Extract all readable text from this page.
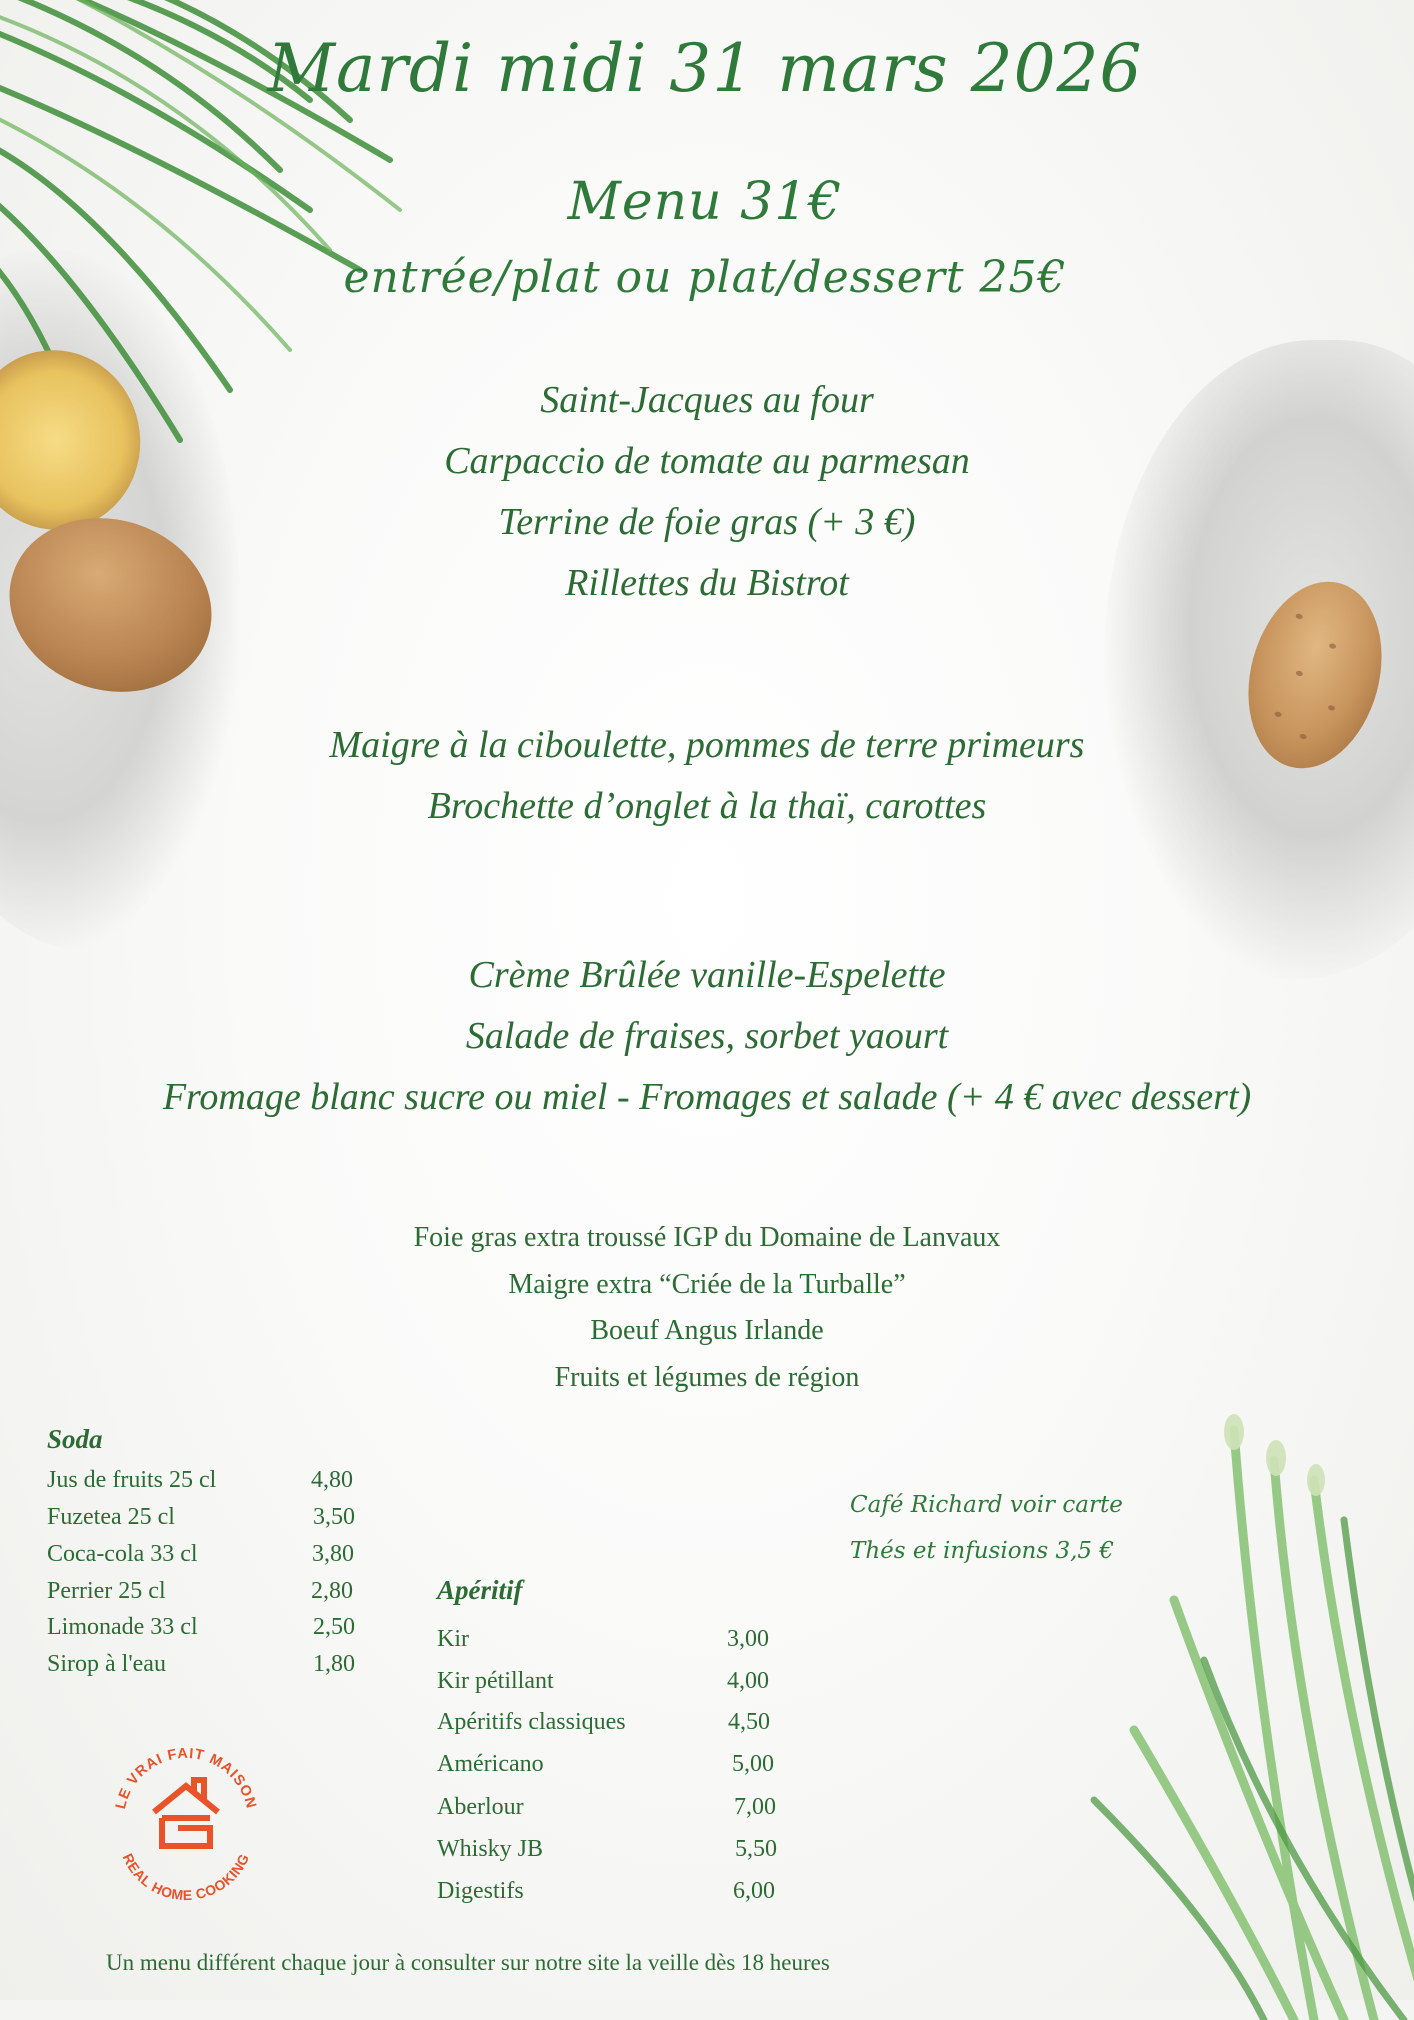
Mardi midi 31 mars 2026
Menu 31€
entrée/plat ou plat/dessert 25€
Saint-Jacques au four
Carpaccio de tomate au parmesan
Terrine de foie gras (+ 3 €)
Rillettes du Bistrot
Maigre à la ciboulette, pommes de terre primeurs
Brochette d’onglet à la thaï, carottes
Crème Brûlée vanille-Espelette
Salade de fraises, sorbet yaourt
Fromage blanc sucre ou miel - Fromages et salade (+ 4 € avec dessert)
Foie gras extra troussé IGP du Domaine de Lanvaux
Maigre extra “Criée de la Turballe”
Boeuf Angus Irlande
Fruits et légumes de région
Soda
Jus de fruits 25 cl	4,80
Fuzetea 25 cl	3,50
Coca-cola 33 cl	3,80
Perrier 25 cl	2,80
Limonade 33 cl	2,50
Sirop à l'eau	1,80
Apéritif
Kir	3,00
Kir pétillant	4,00
Apéritifs classiques	4,50
Américano	5,00
Aberlour	7,00
Whisky JB	5,50
Digestifs	6,00
Café Richard voir carte
Thés et infusions 3,5 €
LE VRAI FAIT MAISON
REAL HOME COOKING
Un menu différent chaque jour à consulter sur notre site la veille dès 18 heures
